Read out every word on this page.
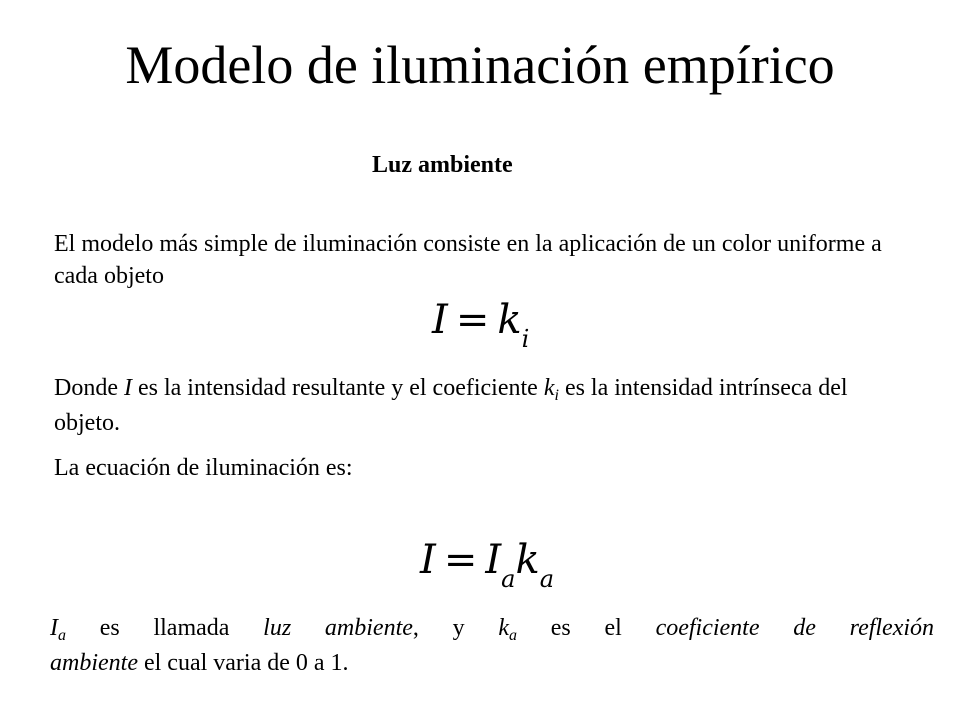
Modelo de iluminación empírico
Luz ambiente

El modelo más simple de iluminación consiste en la aplicación de un color uniforme a cada objeto

$I = k_i$

Donde I es la intensidad resultante y el coeficiente $k_i$ es la intensidad intrínseca del objeto.

La ecuación de iluminación es:

$I = I_ak_a$

$I_a$ es llamada luz ambiente, y $k_a$ es el coeficiente de reflexión
ambiente el cual varia de 0 a 1.
